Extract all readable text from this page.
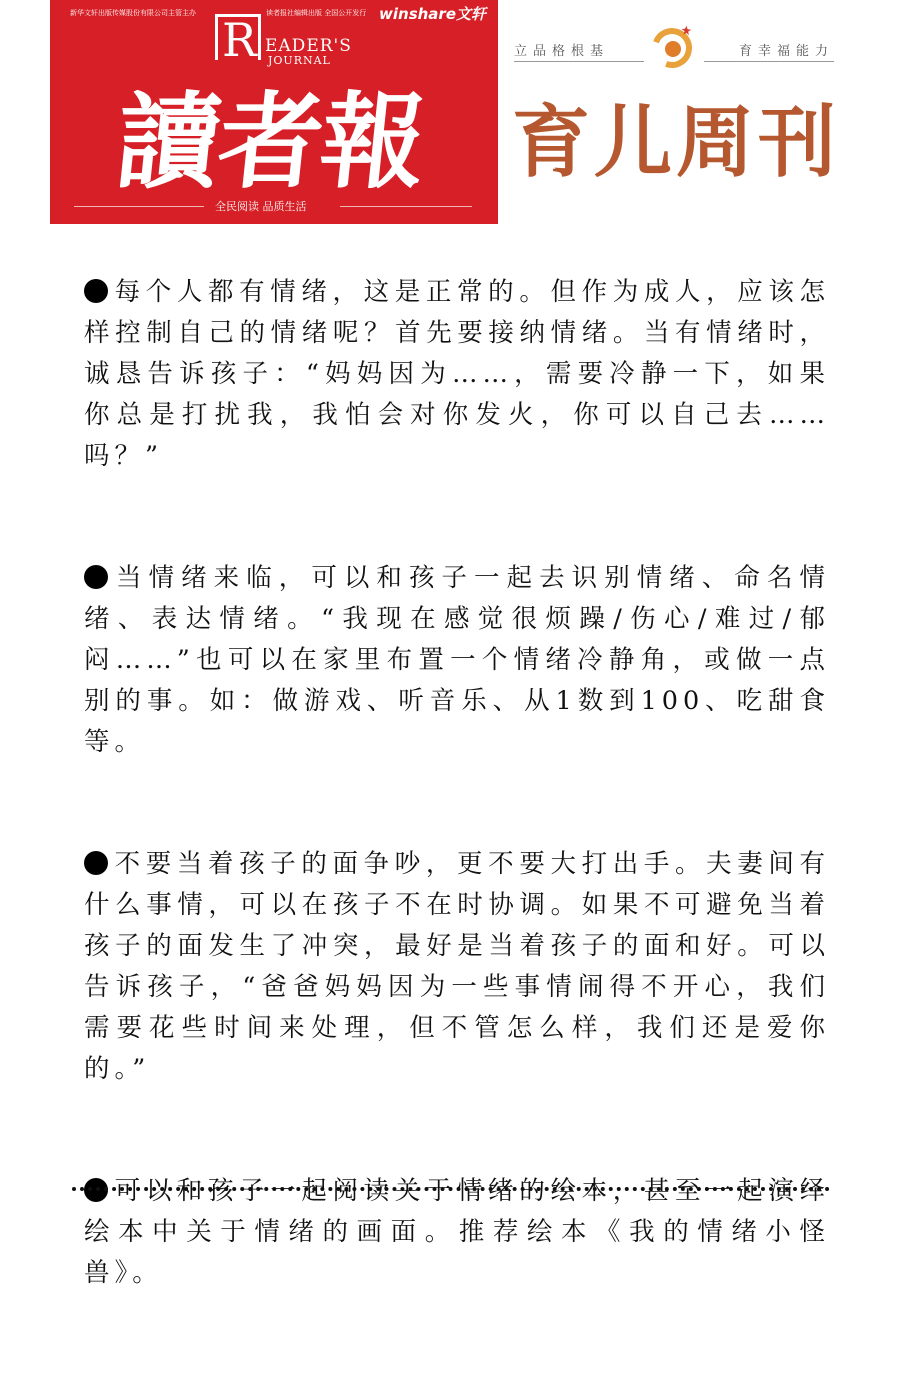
新华文轩出版传媒股份有限公司主管主办	读者报社编辑出版 全国公开发行 winshare文轩
R EADER'S
JOURNAL
讀者報
全民阅读 品质生活
立品格根基	育幸福能力
育儿周刊

每个人都有情绪，这是正常的。但作为成人，应该怎样控制自己的情绪呢？首先要接纳情绪。当有情绪时，诚恳告诉孩子：“妈妈因为……，需要冷静一下，如果你总是打扰我，我怕会对你发火，你可以自己去……吗？”

当情绪来临，可以和孩子一起去识别情绪、命名情绪、表达情绪。“我现在感觉很烦躁/伤心/难过/郁闷……”也可以在家里布置一个情绪冷静角，或做一点别的事。如：做游戏、听音乐、从1数到100、吃甜食等。

不要当着孩子的面争吵，更不要大打出手。夫妻间有什么事情，可以在孩子不在时协调。如果不可避免当着孩子的面发生了冲突，最好是当着孩子的面和好。可以告诉孩子，“爸爸妈妈因为一些事情闹得不开心，我们需要花些时间来处理，但不管怎么样，我们还是爱你的。”

可以和孩子一起阅读关于情绪的绘本，甚至一起演绎绘本中关于情绪的画面。推荐绘本《我的情绪小怪兽》。
